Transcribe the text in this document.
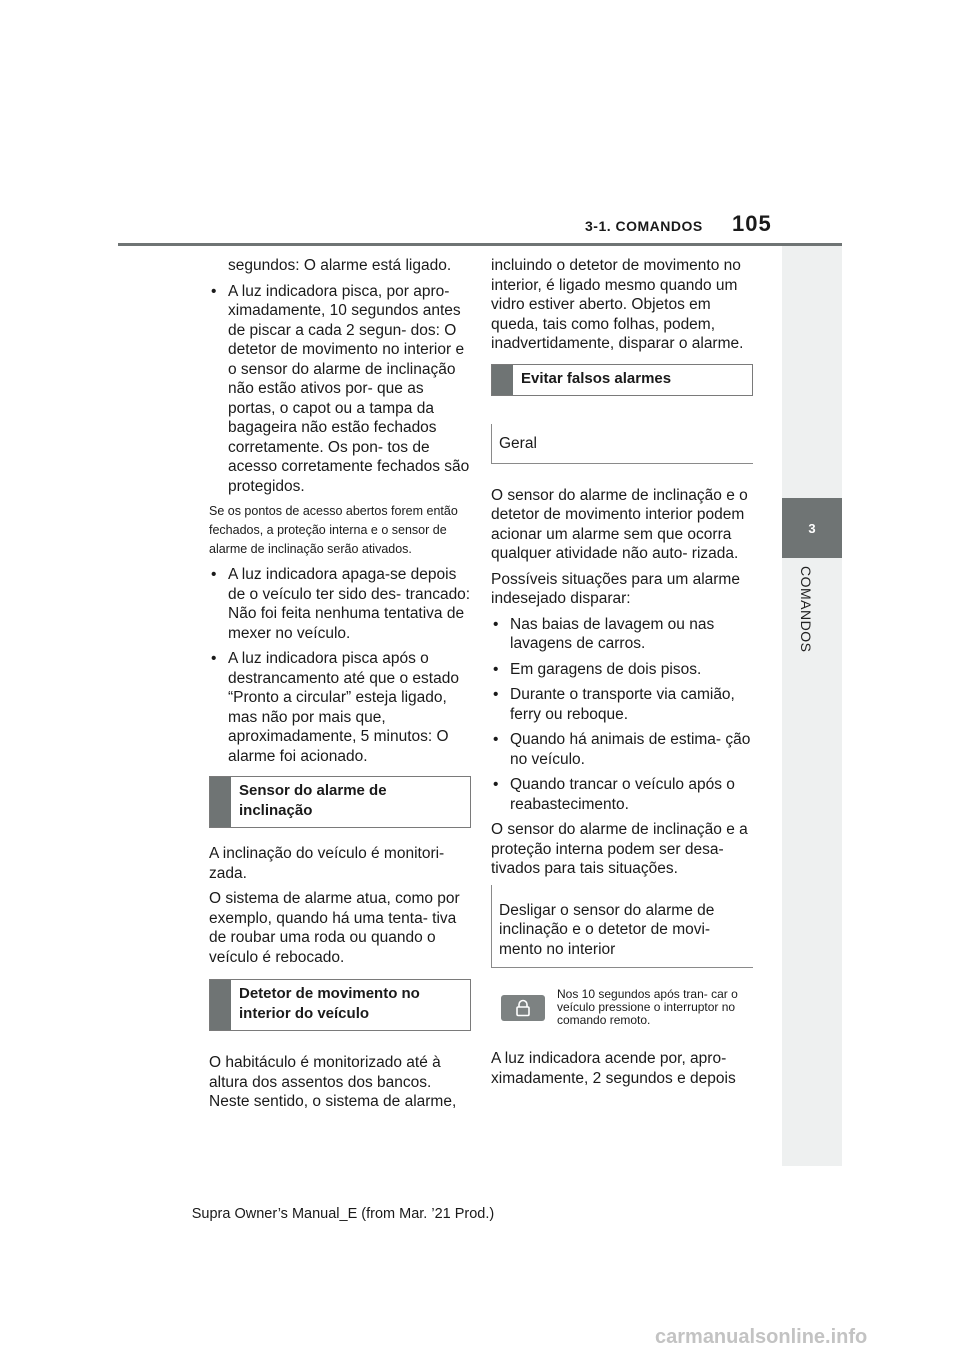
3-1. COMANDOS 105
3
COMANDOS

segundos: O alarme está ligado.

• A luz indicadora pisca, por apro- ximadamente, 10 segundos antes de piscar a cada 2 segun- dos: O detetor de movimento no interior e o sensor do alarme de inclinação não estão ativos por- que as portas, o capot ou a tampa da bagageira não estão fechados corretamente. Os pon- tos de acesso corretamente fechados são protegidos.

Se os pontos de acesso abertos forem então fechados, a proteção interna e o sensor de alarme de inclinação serão ativados.

• A luz indicadora apaga-se depois de o veículo ter sido des- trancado: Não foi feita nenhuma tentativa de mexer no veículo.

• A luz indicadora pisca após o destrancamento até que o estado “Pronto a circular” esteja ligado, mas não por mais que, aproximadamente, 5 minutos: O alarme foi acionado.

Sensor do alarme de inclinação

A inclinação do veículo é monitori- zada.

O sistema de alarme atua, como por exemplo, quando há uma tenta- tiva de roubar uma roda ou quando o veículo é rebocado.

Detetor de movimento no interior do veículo

O habitáculo é monitorizado até à altura dos assentos dos bancos. Neste sentido, o sistema de alarme,

incluindo o detetor de movimento no interior, é ligado mesmo quando um vidro estiver aberto. Objetos em queda, tais como folhas, podem, inadvertidamente, disparar o alarme.

Evitar falsos alarmes
Geral

O sensor do alarme de inclinação e o detetor de movimento interior podem acionar um alarme sem que ocorra qualquer atividade não auto- rizada.

Possíveis situações para um alarme indesejado disparar:

• Nas baias de lavagem ou nas lavagens de carros.

• Em garagens de dois pisos.

• Durante o transporte via camião, ferry ou reboque.

• Quando há animais de estima- ção no veículo.

• Quando trancar o veículo após o reabastecimento.

O sensor do alarme de inclinação e a proteção interna podem ser desa- tivados para tais situações.

Desligar o sensor do alarme de inclinação e o detetor de movi- mento no interior
Nos 10 segundos após tran- car o veículo pressione o interruptor no comando remoto.

A luz indicadora acende por, apro- ximadamente, 2 segundos e depois

Supra Owner’s Manual_E (from Mar. ’21 Prod.)
carmanualsonline.info
